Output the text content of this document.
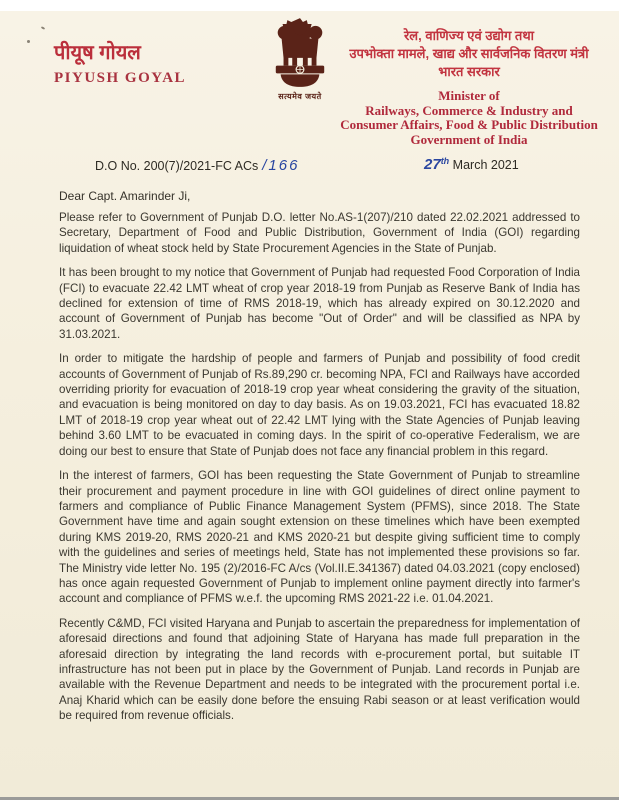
पीयूष गोयल
PIYUSH GOYAL
सत्यमेव जयते
रेल, वाणिज्य एवं उद्योग तथा
उपभोक्ता मामले, खाद्य और सार्वजनिक वितरण मंत्री
भारत सरकार
Minister of
Railways, Commerce & Industry and
Consumer Affairs, Food & Public Distribution
Government of India
D.O No. 200(7)/2021-FC ACs /166	27th March 2021
Dear Capt. Amarinder Ji,

Please refer to Government of Punjab D.O. letter No.AS-1(207)/210 dated 22.02.2021 addressed to Secretary, Department of Food and Public Distribution, Government of India (GOI) regarding liquidation of wheat stock held by State Procurement Agencies in the State of Punjab.

It has been brought to my notice that Government of Punjab had requested Food Corporation of India (FCI) to evacuate 22.42 LMT wheat of crop year 2018-19 from Punjab as Reserve Bank of India has declined for extension of time of RMS 2018-19, which has already expired on 30.12.2020 and account of Government of Punjab has become "Out of Order" and will be classified as NPA by 31.03.2021.

In order to mitigate the hardship of people and farmers of Punjab and possibility of food credit accounts of Government of Punjab of Rs.89,290 cr. becoming NPA, FCI and Railways have accorded overriding priority for evacuation of 2018-19 crop year wheat considering the gravity of the situation, and evacuation is being monitored on day to day basis. As on 19.03.2021, FCI has evacuated 18.82 LMT of 2018-19 crop year wheat out of 22.42 LMT lying with the State Agencies of Punjab leaving behind 3.60 LMT to be evacuated in coming days. In the spirit of co-operative Federalism, we are doing our best to ensure that State of Punjab does not face any financial problem in this regard.

In the interest of farmers, GOI has been requesting the State Government of Punjab to streamline their procurement and payment procedure in line with GOI guidelines of direct online payment to farmers and compliance of Public Finance Management System (PFMS), since 2018. The State Government have time and again sought extension on these timelines which have been exempted during KMS 2019-20, RMS 2020-21 and KMS 2020-21 but despite giving sufficient time to comply with the guidelines and series of meetings held, State has not implemented these provisions so far. The Ministry vide letter No. 195 (2)/2016-FC A/cs (Vol.II.E.341367) dated 04.03.2021 (copy enclosed) has once again requested Government of Punjab to implement online payment directly into farmer's account and compliance of PFMS w.e.f. the upcoming RMS 2021-22 i.e. 01.04.2021.

Recently C&MD, FCI visited Haryana and Punjab to ascertain the preparedness for implementation of aforesaid directions and found that adjoining State of Haryana has made full preparation in the aforesaid direction by integrating the land records with e-procurement portal, but suitable IT infrastructure has not been put in place by the Government of Punjab. Land records in Punjab are available with the Revenue Department and needs to be integrated with the procurement portal i.e. Anaj Kharid which can be easily done before the ensuing Rabi season or at least verification would be required from revenue officials.
